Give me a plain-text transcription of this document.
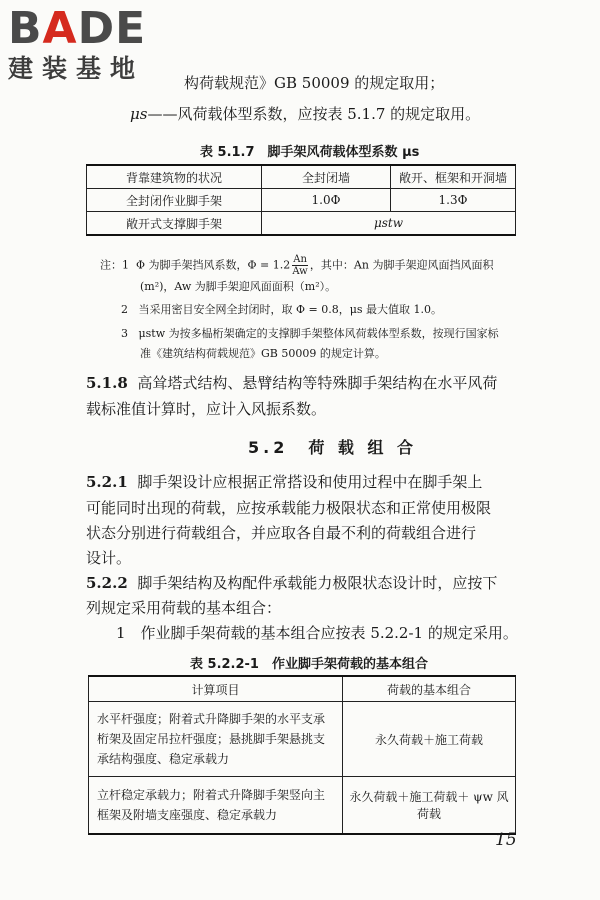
BADE
建装基地	构荷载规范》GB 50009 的规定取用；
μs——风荷载体型系数，应按表 5.1.7 的规定取用。
表 5.1.7　脚手架风荷载体型系数 μs
背靠建筑物的状况	全封闭墙	敞开、框架和开洞墙
全封闭作业脚手架	1.0Φ	1.3Φ
敞开式支撑脚手架	μstw	
注：1 Φ 为脚手架挡风系数，$\Phi = 1.2 \frac{An}{Aw}$ ，其中：An 为脚手架迎风面挡风面积
(m²)，Aw 为脚手架迎风面面积（m²）。
2 当采用密目安全网全封闭时，取 Φ = 0.8，μs 最大值取 1.0。
3 μstw 为按多榀桁架确定的支撑脚手架整体风荷载体型系数，按现行国家标
准《建筑结构荷载规范》GB 50009 的规定计算。
5.1.8 高耸塔式结构、悬臂结构等特殊脚手架结构在水平风荷
载标准值计算时，应计入风振系数。
5.2　荷 载 组 合
5.2.1 脚手架设计应根据正常搭设和使用过程中在脚手架上
可能同时出现的荷载，应按承载能力极限状态和正常使用极限
状态分别进行荷载组合，并应取各自最不利的荷载组合进行
设计。
5.2.2 脚手架结构及构配件承载能力极限状态设计时，应按下
列规定采用荷载的基本组合：
1　作业脚手架荷载的基本组合应按表 5.2.2-1 的规定采用。
表 5.2.2-1　作业脚手架荷载的基本组合
计算项目	荷载的基本组合
水平杆强度；附着式升降脚手架的水平支承桁架及固定吊拉杆强度；悬挑脚手架悬挑支承结构强度、稳定承载力	永久荷载＋施工荷载
立杆稳定承载力；附着式升降脚手架竖向主框架及附墙支座强度、稳定承载力	永久荷载＋施工荷载＋ ψw 风荷载
15
